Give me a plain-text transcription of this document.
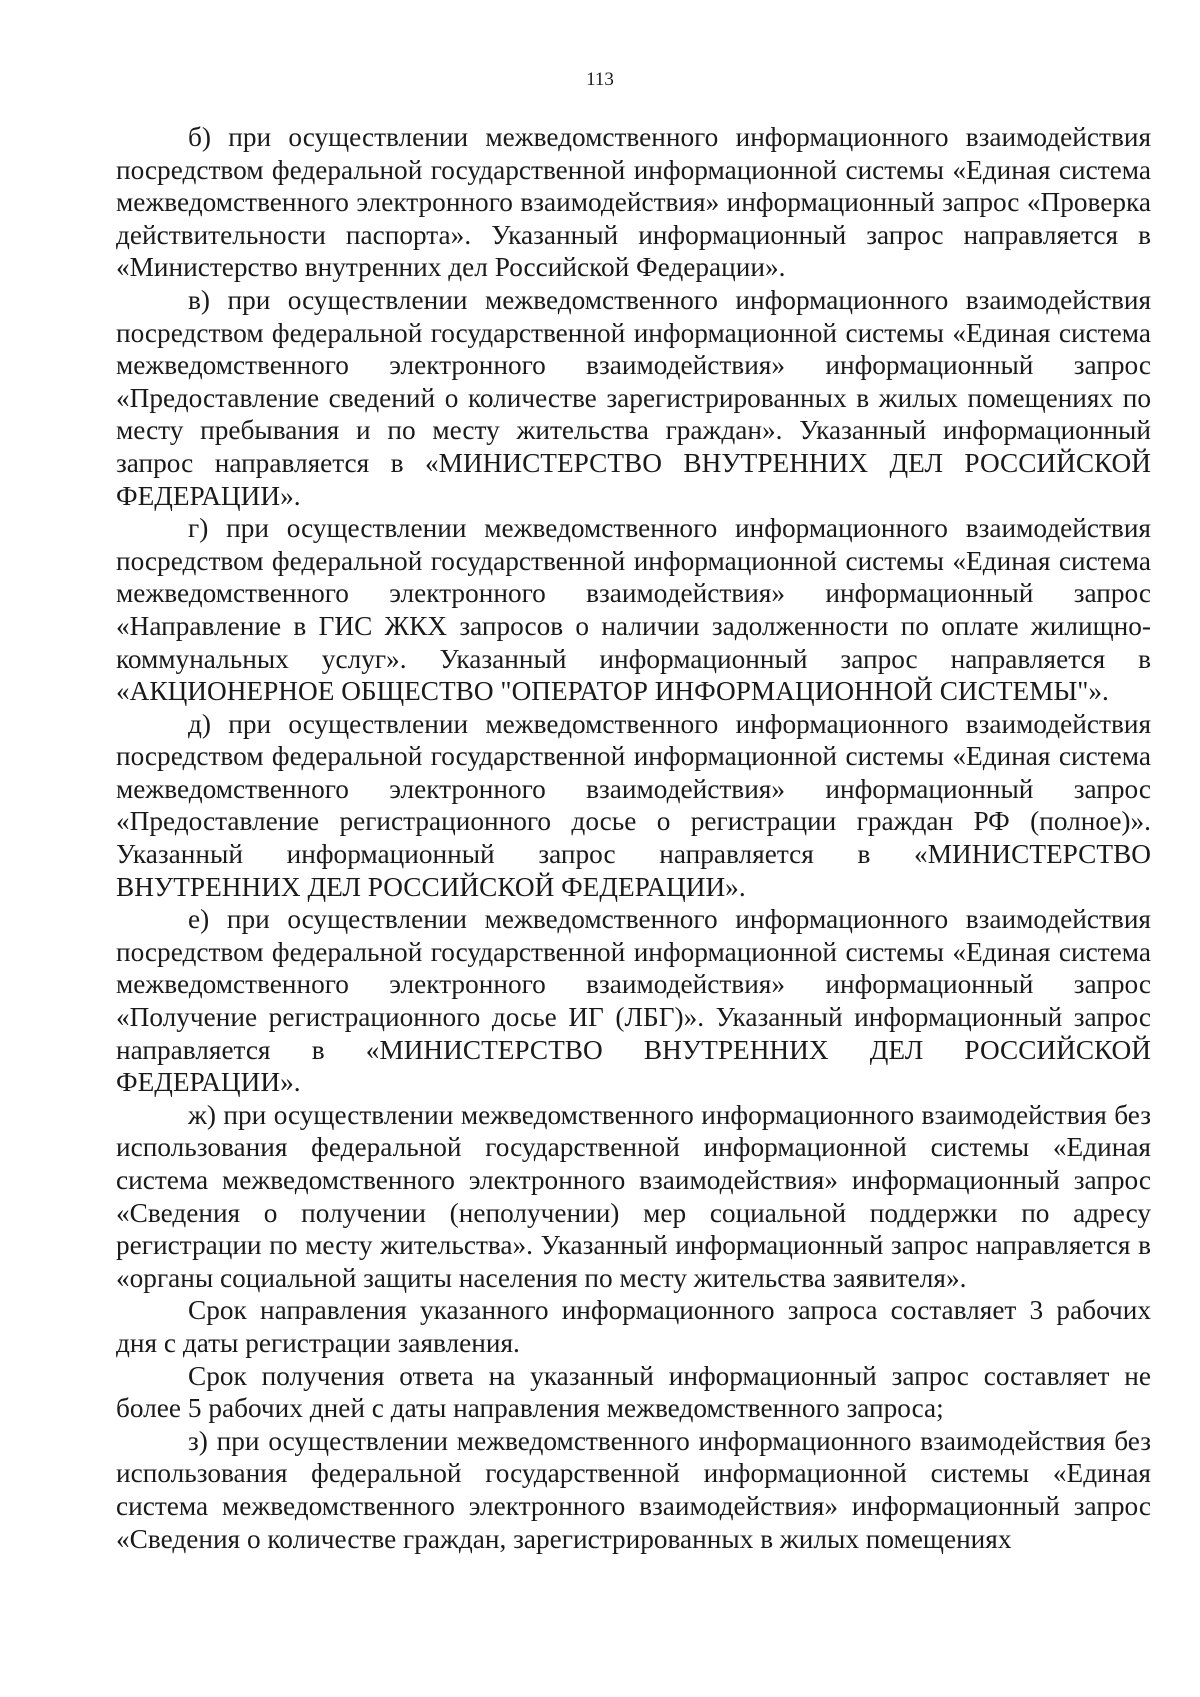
113

б) при осуществлении межведомственного информационного взаимодействия посредством федеральной государственной информационной системы «Единая система межведомственного электронного взаимодействия» информационный запрос «Проверка действительности паспорта». Указанный информационный запрос направляется в «Министерство внутренних дел Российской Федерации».

в) при осуществлении межведомственного информационного взаимодействия посредством федеральной государственной информационной системы «Единая система межведомственного электронного взаимодействия» информационный запрос «Предоставление сведений о количестве зарегистрированных в жилых помещениях по месту пребывания и по месту жительства граждан». Указанный информационный запрос направляется в «МИНИСТЕРСТВО ВНУТРЕННИХ ДЕЛ РОССИЙСКОЙ ФЕДЕРАЦИИ».

г) при осуществлении межведомственного информационного взаимодействия посредством федеральной государственной информационной системы «Единая система межведомственного электронного взаимодействия» информационный запрос «Направление в ГИС ЖКХ запросов о наличии задолженности по оплате жилищно-коммунальных услуг». Указанный информационный запрос направляется в «АКЦИОНЕРНОЕ ОБЩЕСТВО "ОПЕРАТОР ИНФОРМАЦИОННОЙ СИСТЕМЫ"».

д) при осуществлении межведомственного информационного взаимодействия посредством федеральной государственной информационной системы «Единая система межведомственного электронного взаимодействия» информационный запрос «Предоставление регистрационного досье о регистрации граждан РФ (полное)». Указанный информационный запрос направляется в «МИНИСТЕРСТВО ВНУТРЕННИХ ДЕЛ РОССИЙСКОЙ ФЕДЕРАЦИИ».

е) при осуществлении межведомственного информационного взаимодействия посредством федеральной государственной информационной системы «Единая система межведомственного электронного взаимодействия» информационный запрос «Получение регистрационного досье ИГ (ЛБГ)». Указанный информационный запрос направляется в «МИНИСТЕРСТВО ВНУТРЕННИХ ДЕЛ РОССИЙСКОЙ ФЕДЕРАЦИИ».

ж) при осуществлении межведомственного информационного взаимодействия без использования федеральной государственной информационной системы «Единая система межведомственного электронного взаимодействия» информационный запрос «Сведения о получении (неполучении) мер социальной поддержки по адресу регистрации по месту жительства». Указанный информационный запрос направляется в «органы социальной защиты населения по месту жительства заявителя».

Срок направления указанного информационного запроса составляет 3 рабочих дня с даты регистрации заявления.

Срок получения ответа на указанный информационный запрос составляет не более 5 рабочих дней с даты направления межведомственного запроса;

з) при осуществлении межведомственного информационного взаимодействия без использования федеральной государственной информационной системы «Единая система межведомственного электронного взаимодействия» информационный запрос «Сведения о количестве граждан, зарегистрированных в жилых помещениях
